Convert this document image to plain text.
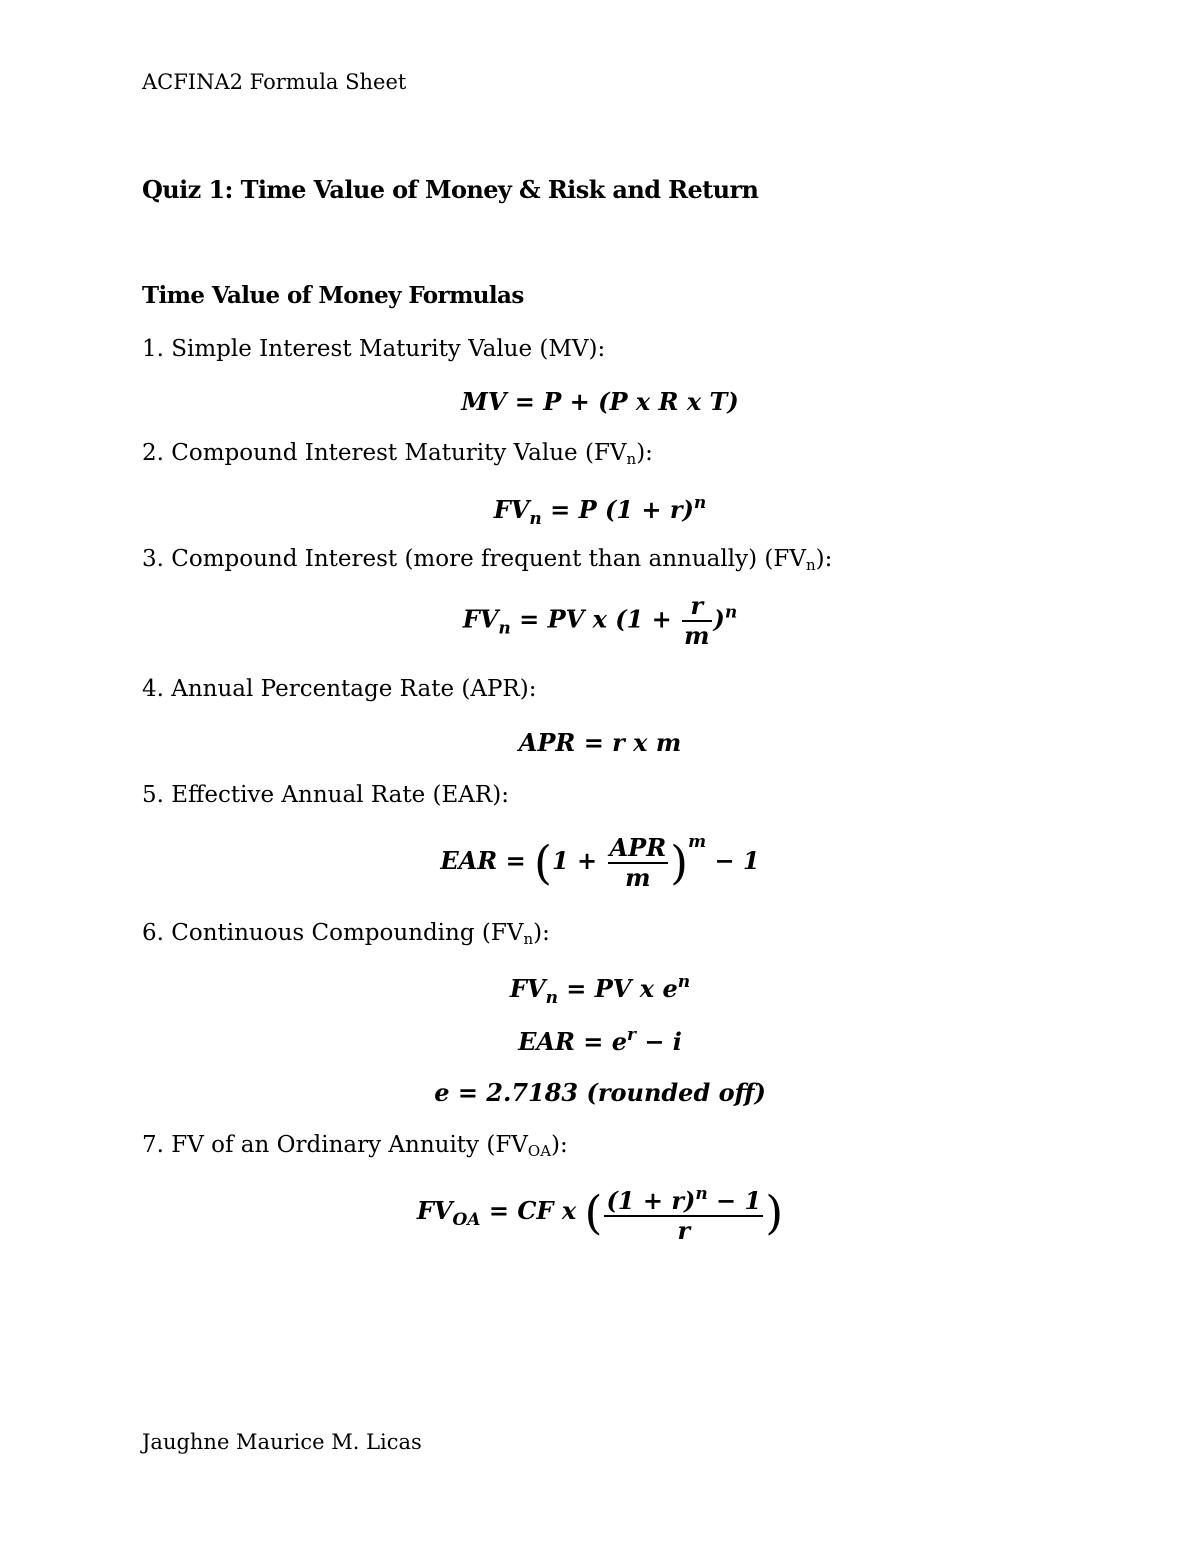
ACFINA2 Formula Sheet
Quiz 1: Time Value of Money & Risk and Return
Time Value of Money Formulas
1. Simple Interest Maturity Value (MV):
MV = P + (P x R x T)
2. Compound Interest Maturity Value $(FV_n)$:
$FV_n = P$ $(1 + r)^n$
3. Compound Interest (more frequent than annually) $(FV_n)$:
$FV_n$ = PV x $(1 + \frac{r}{m} )^n$
4. Annual Percentage Rate (APR):
APR = r x m
5. Effective Annual Rate (EAR):
EAR = $(1 + \frac{\text{APR}}{m} )^m - 1$
6. Continuous Compounding $(FV_n)$:
$FV_n$ = PV x $e^n$
EAR = $e^r - i$
e = 2.7183 (rounded off)
7. FV of an Ordinary Annuity $(FV_{OA})$:
$FV_{OA}$ = CF x ( $\frac{(1 + r)^n - 1}{r}$ )
Jaughne Maurice M. Licas
